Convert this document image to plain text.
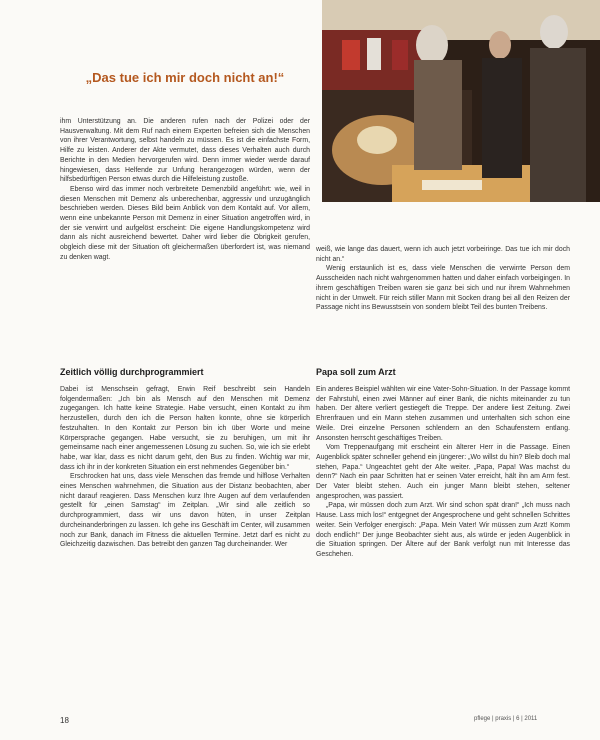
„Das tue ich mir doch nicht an!“

ihm Unterstützung an. Die anderen rufen nach der Polizei oder der Hausverwaltung. Mit dem Ruf nach einem Experten befreien sich die Menschen von ihrer Verantwortung, selbst handeln zu müssen. Es ist die einfachste Form, Hilfe zu leisten. Anderer der Akte vermutet, dass dieses Verhalten auch durch Berichte in den Medien hervorgerufen wird. Denn immer wieder werde darauf hingewiesen, dass Helfende zur Unfung herangezogen würden, wenn der hilfsbedürftigen Person etwas durch die Hilfeleistung zustoße.

Ebenso wird das immer noch verbreitete Demenzbild angeführt: wie, weil in diesen Menschen mit Demenz als unberechenbar, aggressiv und unzugänglich beschrieben werden. Dieses Bild beim Anblick von dem Kontakt auf. Vor allem, wenn eine unbekannte Person mit Demenz in einer Situation angetroffen wird, in der sie verwirrt und aufgelöst erscheint: Die eigene Handlungskompetenz wird dann als nicht ausreichend bewertet. Daher wird lieber die Obrigkeit gerufen, obgleich diese mit der Situation oft gleichermaßen überfordert ist, was niemand zu denken wagt.

weiß, wie lange das dauert, wenn ich auch jetzt vorbeiringe. Das tue ich mir doch nicht an.“

Wenig erstaunlich ist es, dass viele Menschen die verwirrte Person dem Ausscheiden nach nicht wahrgenommen hatten und daher einfach vorbeigingen. In ihrem geschäftigen Treiben waren sie ganz bei sich und nur ihrem Wahrnehmen nicht in der Umwelt. Für reich stiller Mann mit Socken drang bei all den Reizen der Passage nicht ins Bewusstsein von sondern bleibt Teil des bunten Treibens.

Zeitlich völlig durchprogrammiert

Dabei ist Menschsein gefragt, Erwin Reif beschreibt sein Handeln folgendermaßen: „Ich bin als Mensch auf den Menschen mit Demenz zugegangen. Ich hatte keine Strategie. Habe versucht, einen Kontakt zu ihm herzustellen, durch den ich die Person halten konnte, ohne sie körperlich festzuhalten. In den Kontakt zur Person bin ich über Worte und meine Körpersprache gegangen. Habe versucht, sie zu beruhigen, um mit ihr gemeinsame nach einer angemessenen Lösung zu suchen. So, wie ich sie erlebt habe, war klar, dass es nicht darum geht, den Bus zu finden. Wichtig war mir, dass ich ihr in der konkreten Situation ein erst nehmendes Gegenüber bin.“

Erschrocken hat uns, dass viele Menschen das fremde und hilflose Verhalten eines Menschen wahrnehmen, die Situation aus der Distanz beobachten, aber nicht darauf reagieren. Dass Menschen kurz Ihre Augen auf dem verlaufenden gestellt für „einen Samstag“ im Zeitplan. „Wir sind alle zeitlich so durchprogrammiert, dass wir uns davon hüten, in unser Zeitplan durcheinanderbringen zu lassen. Ich gehe ins Geschäft im Center, will zusammen noch zur Bank, danach im Fitness die aktuellen Termine. Jetzt darf es nicht zu Gleichzeitig dazwischen. Das betreibt den ganzen Tag durcheinander. Wer

Papa soll zum Arzt

Ein anderes Beispiel wählten wir eine Vater-Sohn-Situation. In der Passage kommt der Fahrstuhl, einen zwei Männer auf einer Bank, die nichts miteinander zu tun haben. Der ältere verliert gestiegeft die Treppe. Der andere liest Zeitung. Zwei Ehrenfrauen und ein Mann stehen zusammen und unterhalten sich schon eine Weile. Drei einzelne Personen schlendern an den Schaufenstern entlang. Ansonsten herrscht geschäftiges Treiben.

Vom Treppenaufgang mit erscheint ein älterer Herr in die Passage. Einen Augenblick später schneller gehend ein jüngerer: „Wo willst du hin? Bleib doch mal stehen, Papa.“ Ungeachtet geht der Alte weiter. „Papa, Papa! Was machst du denn?“ Nach ein paar Schritten hat er seinen Vater erreicht, hält ihn am Arm fest. Der Vater bleibt stehen. Auch ein junger Mann bleibt stehen, seltener angesprochen, was passiert.

„Papa, wir müssen doch zum Arzt. Wir sind schon spät dran!“ „Ich muss nach Hause. Lass mich los!“ entgegnet der Angesprochene und geht schnellen Schrittes weiter. Sein Verfolger energisch: „Papa. Mein Vater! Wir müssen zum Arzt! Komm doch endlich!“ Der junge Beobachter sieht aus, als würde er jeden Augenblick in die Situation springen. Der Ältere auf der Bank verfolgt nun mit Interesse das Geschehen.

18	pflege | praxis | 6 | 2011
